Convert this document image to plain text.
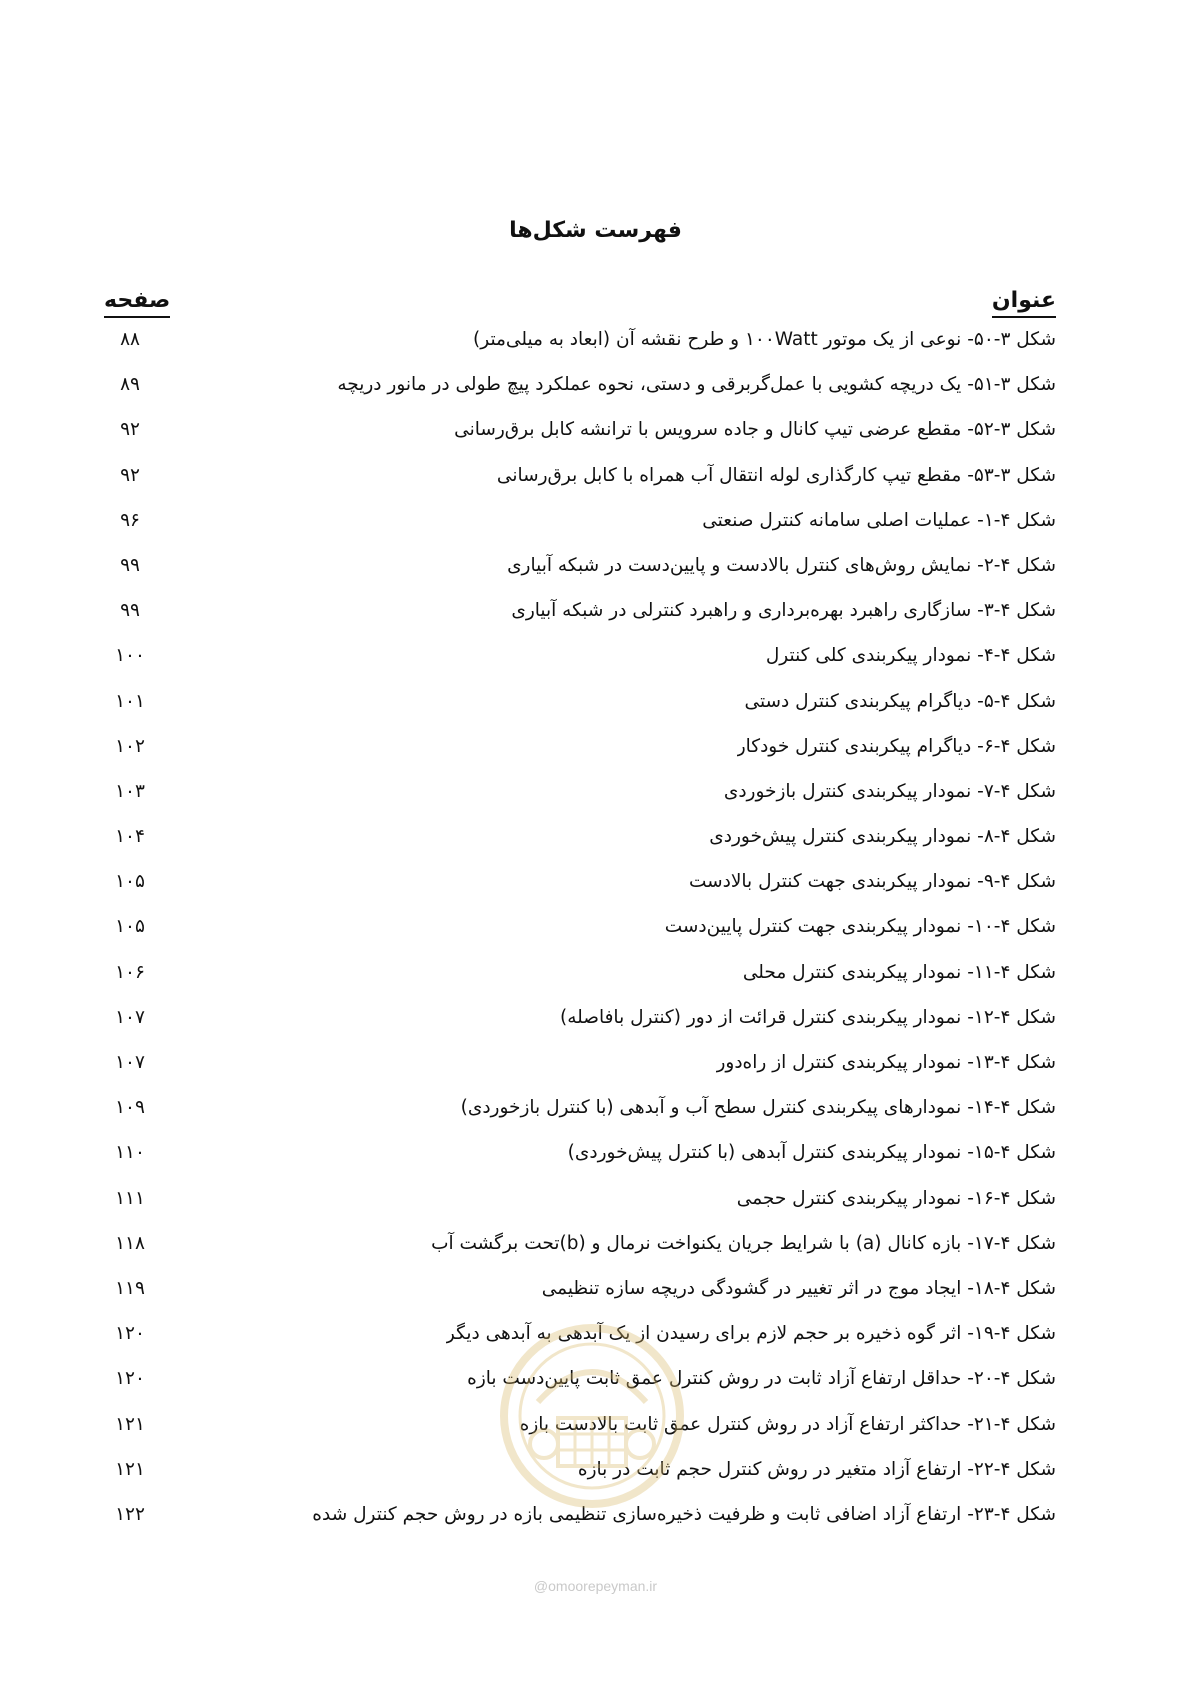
فهرست شکل‌ها
عنوان
صفحه
شکل ۳-۵۰- نوعی از یک موتور ۱۰۰Watt و طرح نقشه آن (ابعاد به میلی‌متر)
۸۸
شکل ۳-۵۱- یک دریچه کشویی با عمل‌گربرقی و دستی، نحوه عملکرد پیچ طولی در مانور دریچه
۸۹
شکل ۳-۵۲- مقطع عرضی تیپ کانال و جاده سرویس با ترانشه کابل برق‌رسانی
۹۲
شکل ۳-۵۳- مقطع تیپ کارگذاری لوله انتقال آب همراه با کابل برق‌رسانی
۹۲
شکل ۴-۱- عملیات اصلی سامانه کنترل صنعتی
۹۶
شکل ۴-۲- نمایش روش‌های کنترل بالادست و پایین‌دست در شبکه آبیاری
۹۹
شکل ۴-۳- سازگاری راهبرد بهره‌برداری و راهبرد کنترلی در شبکه آبیاری
۹۹
شکل ۴-۴- نمودار پیکربندی کلی کنترل
۱۰۰
شکل ۴-۵- دیاگرام پیکربندی کنترل دستی
۱۰۱
شکل ۴-۶- دیاگرام پیکربندی کنترل خودکار
۱۰۲
شکل ۴-۷- نمودار پیکربندی کنترل بازخوردی
۱۰۳
شکل ۴-۸- نمودار پیکربندی کنترل پیش‌خوردی
۱۰۴
شکل ۴-۹- نمودار پیکربندی جهت کنترل بالادست
۱۰۵
شکل ۴-۱۰- نمودار پیکربندی جهت کنترل پایین‌دست
۱۰۵
شکل ۴-۱۱- نمودار پیکربندی کنترل محلی
۱۰۶
شکل ۴-۱۲- نمودار پیکربندی کنترل قرائت از دور (کنترل بافاصله)
۱۰۷
شکل ۴-۱۳- نمودار پیکربندی کنترل از راه‌دور
۱۰۷
شکل ۴-۱۴- نمودارهای پیکربندی کنترل سطح آب و آبدهی (با کنترل بازخوردی)
۱۰۹
شکل ۴-۱۵- نمودار پیکربندی کنترل آبدهی (با کنترل پیش‌خوردی)
۱۱۰
شکل ۴-۱۶- نمودار پیکربندی کنترل حجمی
۱۱۱
شکل ۴-۱۷- بازه کانال (a) با شرایط جریان یکنواخت نرمال و (b)تحت برگشت آب
۱۱۸
شکل ۴-۱۸- ایجاد موج در اثر تغییر در گشودگی دریچه سازه تنظیمی
۱۱۹
شکل ۴-۱۹- اثر گوه ذخیره بر حجم لازم برای رسیدن از یک آبدهی به آبدهی دیگر
۱۲۰
شکل ۴-۲۰- حداقل ارتفاع آزاد ثابت در روش کنترل عمق ثابت پایین‌دست بازه
۱۲۰
شکل ۴-۲۱- حداکثر ارتفاع آزاد در روش کنترل عمق ثابت بالادست بازه
۱۲۱
شکل ۴-۲۲- ارتفاع آزاد متغیر در روش کنترل حجم ثابت در بازه
۱۲۱
شکل ۴-۲۳- ارتفاع آزاد اضافی ثابت و ظرفیت ذخیره‌سازی تنظیمی بازه در روش حجم کنترل شده
۱۲۲
@omoorepeyman.ir
